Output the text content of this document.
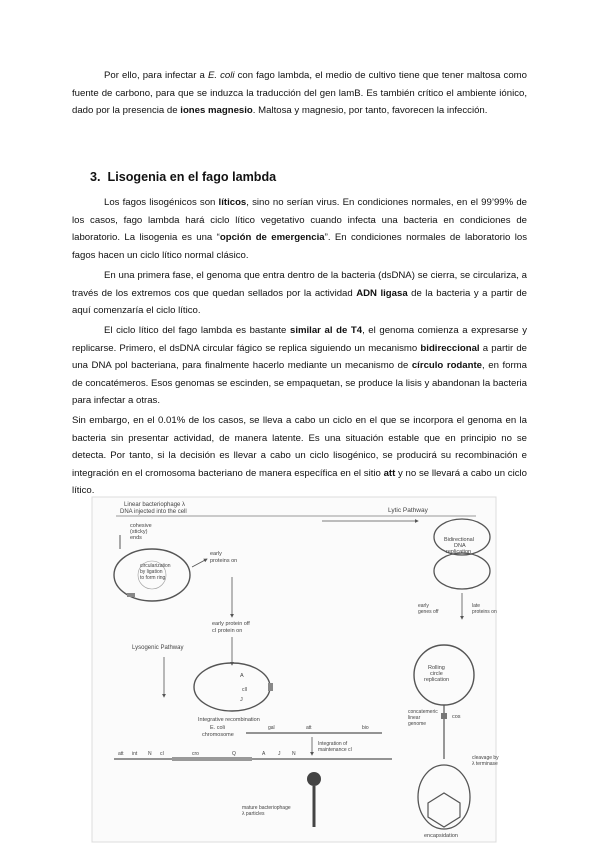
Por ello, para infectar a E. coli con fago lambda, el medio de cultivo tiene que tener maltosa como fuente de carbono, para que se induzca la traducción del gen lamB. Es también crítico el ambiente iónico, dado por la presencia de iones magnesio. Maltosa y magnesio, por tanto, favorecen la infección.

3. Lisogenia en el fago lambda

Los fagos lisogénicos son líticos, sino no serían virus. En condiciones normales, en el 99’99% de los casos, fago lambda hará ciclo lítico vegetativo cuando infecta una bacteria en condiciones de laboratorio. La lisogenia es una “opción de emergencia”. En condiciones normales de laboratorio los fagos hacen un ciclo lítico normal clásico.

En una primera fase, el genoma que entra dentro de la bacteria (dsDNA) se cierra, se circulariza, a través de los extremos cos que quedan sellados por la actividad ADN ligasa de la bacteria y a partir de aquí comenzaría el ciclo lítico.

El ciclo lítico del fago lambda es bastante similar al de T4, el genoma comienza a expresarse y replicarse. Primero, el dsDNA circular fágico se replica siguiendo un mecanismo bidireccional a partir de una DNA pol bacteriana, para finalmente hacerlo mediante un mecanismo de círculo rodante, en forma de concatémeros. Esos genomas se escinden, se empaquetan, se produce la lisis y abandonan la bacteria para infectar a otras.

Sin embargo, en el 0.01% de los casos, se lleva a cabo un ciclo en el que se incorpora el genoma en la bacteria sin presentar actividad, de manera latente. Es una situación estable que en principio no se detecta. Por tanto, si la decisión es llevar a cabo un ciclo lisogénico, se producirá su recombinación e integración en el cromosoma bacteriano de manera específica en el sitio att y no se llevará a cabo un ciclo lítico.

Linear bacteriophage λ
DNA injected into the cell	Lytic Pathway
cohesive (sticky) ends
circularization by ligation to form ring
early proteins on
Bidirectional DNA replication
early genes offlate proteins on
early protein off cI protein on
Lysogenic Pathway
Rolling circle replication
concatemeric linear genome
cos
A
cII
J
Integrative recombination
E. coli chromosome
gal	att	bio
Integration of maintenance cI
att int N cI	cro	Q	A	J N
mature bacteriophage λ particles
cleavage by λ terminase
encapsidation
